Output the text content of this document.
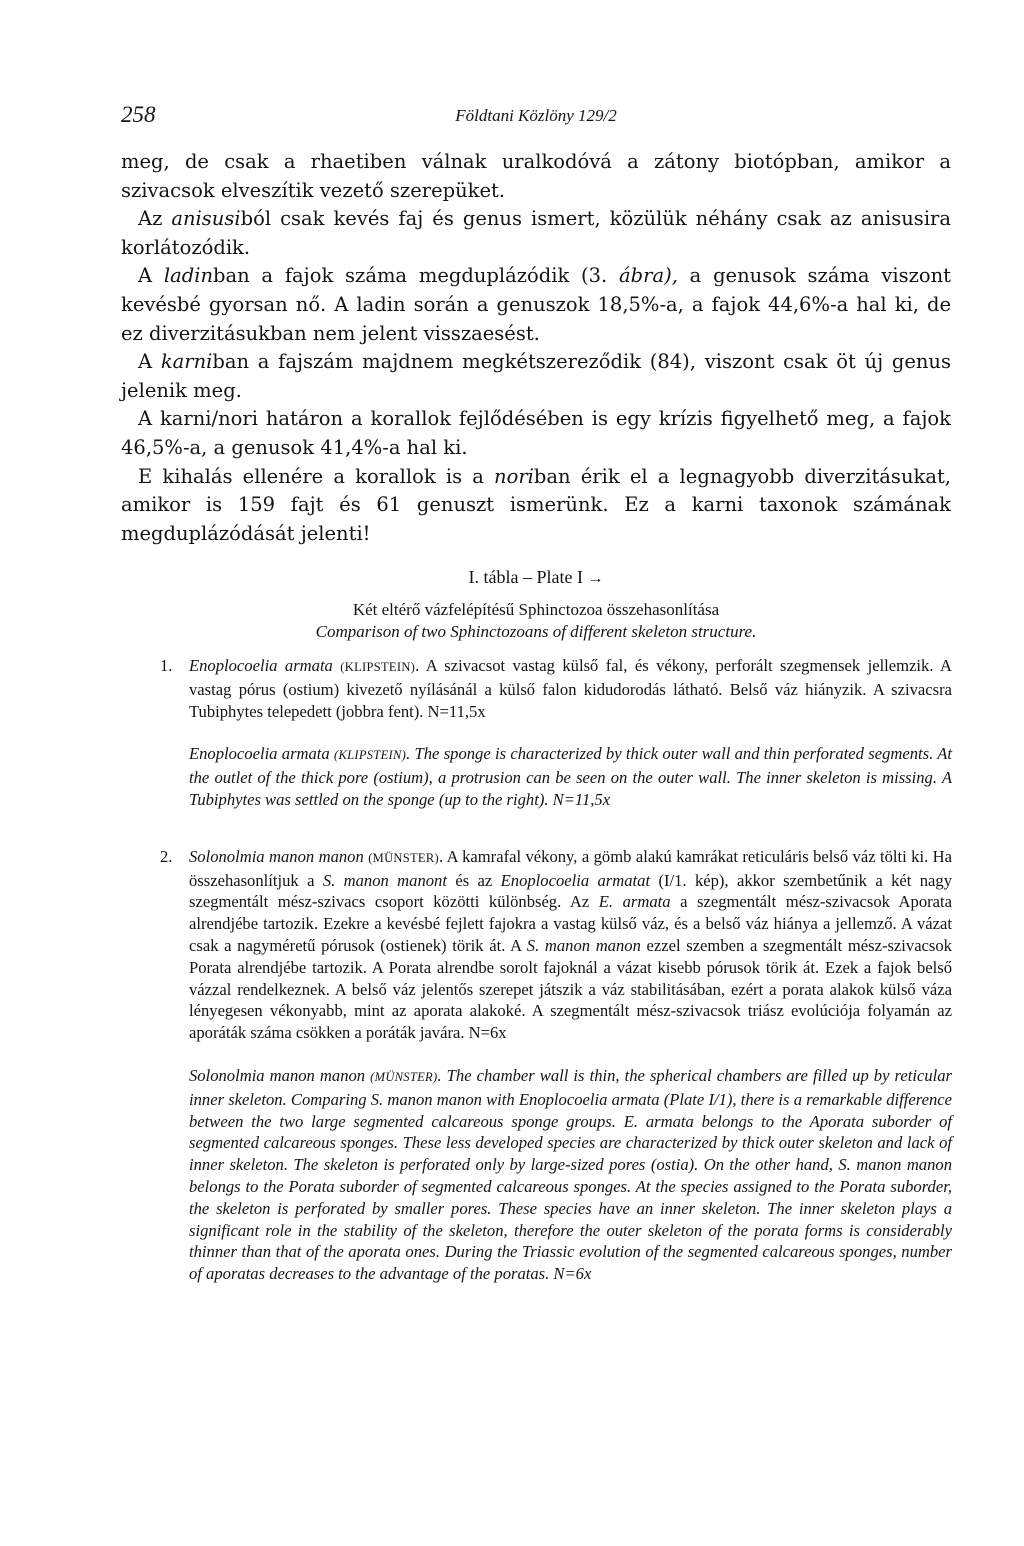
258	Földtani Közlöny 129/2

meg, de csak a rhaetiben válnak uralkodóvá a zátony biotópban, amikor a szivacsok elveszítik vezető szerepüket.

Az anisusiból csak kevés faj és genus ismert, közülük néhány csak az anisusira korlátozódik.

A ladinban a fajok száma megduplázódik (3. ábra), a genusok száma viszont kevésbé gyorsan nő. A ladin során a genuszok 18,5%-a, a fajok 44,6%-a hal ki, de ez diverzitásukban nem jelent visszaesést.

A karniban a fajszám majdnem megkétszereződik (84), viszont csak öt új genus jelenik meg.

A karni/nori határon a korallok fejlődésében is egy krízis figyelhető meg, a fajok 46,5%-a, a genusok 41,4%-a hal ki.

E kihalás ellenére a korallok is a noriban érik el a legnagyobb diverzitásukat, amikor is 159 fajt és 61 genuszt ismerünk. Ez a karni taxonok számának megduplázódását jelenti!

I. tábla – Plate I →
Két eltérő vázfelépítésű Sphinctozoa összehasonlítása
Comparison of two Sphinctozoans of different skeleton structure.
1. Enoplocoelia armata (KLIPSTEIN). A szivacsot vastag külső fal, és vékony, perforált szegmensek jellemzik. A vastag pórus (ostium) kivezető nyílásánál a külső falon kidudorodás látható. Belső váz hiányzik. A szivacsra Tubiphytes telepedett (jobbra fent). N=11,5x

Enoplocoelia armata (KLIPSTEIN). The sponge is characterized by thick outer wall and thin perforated segments. At the outlet of the thick pore (ostium), a protrusion can be seen on the outer wall. The inner skeleton is missing. A Tubiphytes was settled on the sponge (up to the right). N=11,5x

2. Solonolmia manon manon (MÜNSTER). A kamrafal vékony, a gömb alakú kamrákat reticuláris belső váz tölti ki. Ha összehasonlítjuk a S. manon manont és az Enoplocoelia armatat (I/1. kép), akkor szembetűnik a két nagy szegmentált mész-szivacs csoport közötti különbség. Az E. armata a szegmentált mész-szivacsok Aporata alrendjébe tartozik. Ezekre a kevésbé fejlett fajokra a vastag külső váz, és a belső váz hiánya a jellemző. A vázat csak a nagyméretű pórusok (ostienek) törik át. A S. manon manon ezzel szemben a szegmentált mész-szivacsok Porata alrendjébe tartozik. A Porata alrendbe sorolt fajoknál a vázat kisebb pórusok törik át. Ezek a fajok belső vázzal rendelkeznek. A belső váz jelentős szerepet játszik a váz stabilitásában, ezért a porata alakok külső váza lényegesen vékonyabb, mint az aporata alakoké. A szegmentált mész-szivacsok triász evolúciója folyamán az aporáták száma csökken a poráták javára. N=6x

Solonolmia manon manon (MÜNSTER). The chamber wall is thin, the spherical chambers are filled up by reticular inner skeleton. Comparing S. manon manon with Enoplocoelia armata (Plate I/1), there is a remarkable difference between the two large segmented calcareous sponge groups. E. armata belongs to the Aporata suborder of segmented calcareous sponges. These less developed species are characterized by thick outer skeleton and lack of inner skeleton. The skeleton is perforated only by large-sized pores (ostia). On the other hand, S. manon manon belongs to the Porata suborder of segmented calcareous sponges. At the species assigned to the Porata suborder, the skeleton is perforated by smaller pores. These species have an inner skeleton. The inner skeleton plays a significant role in the stability of the skeleton, therefore the outer skeleton of the porata forms is considerably thinner than that of the aporata ones. During the Triassic evolution of the segmented calcareous sponges, number of aporatas decreases to the advantage of the poratas. N=6x
